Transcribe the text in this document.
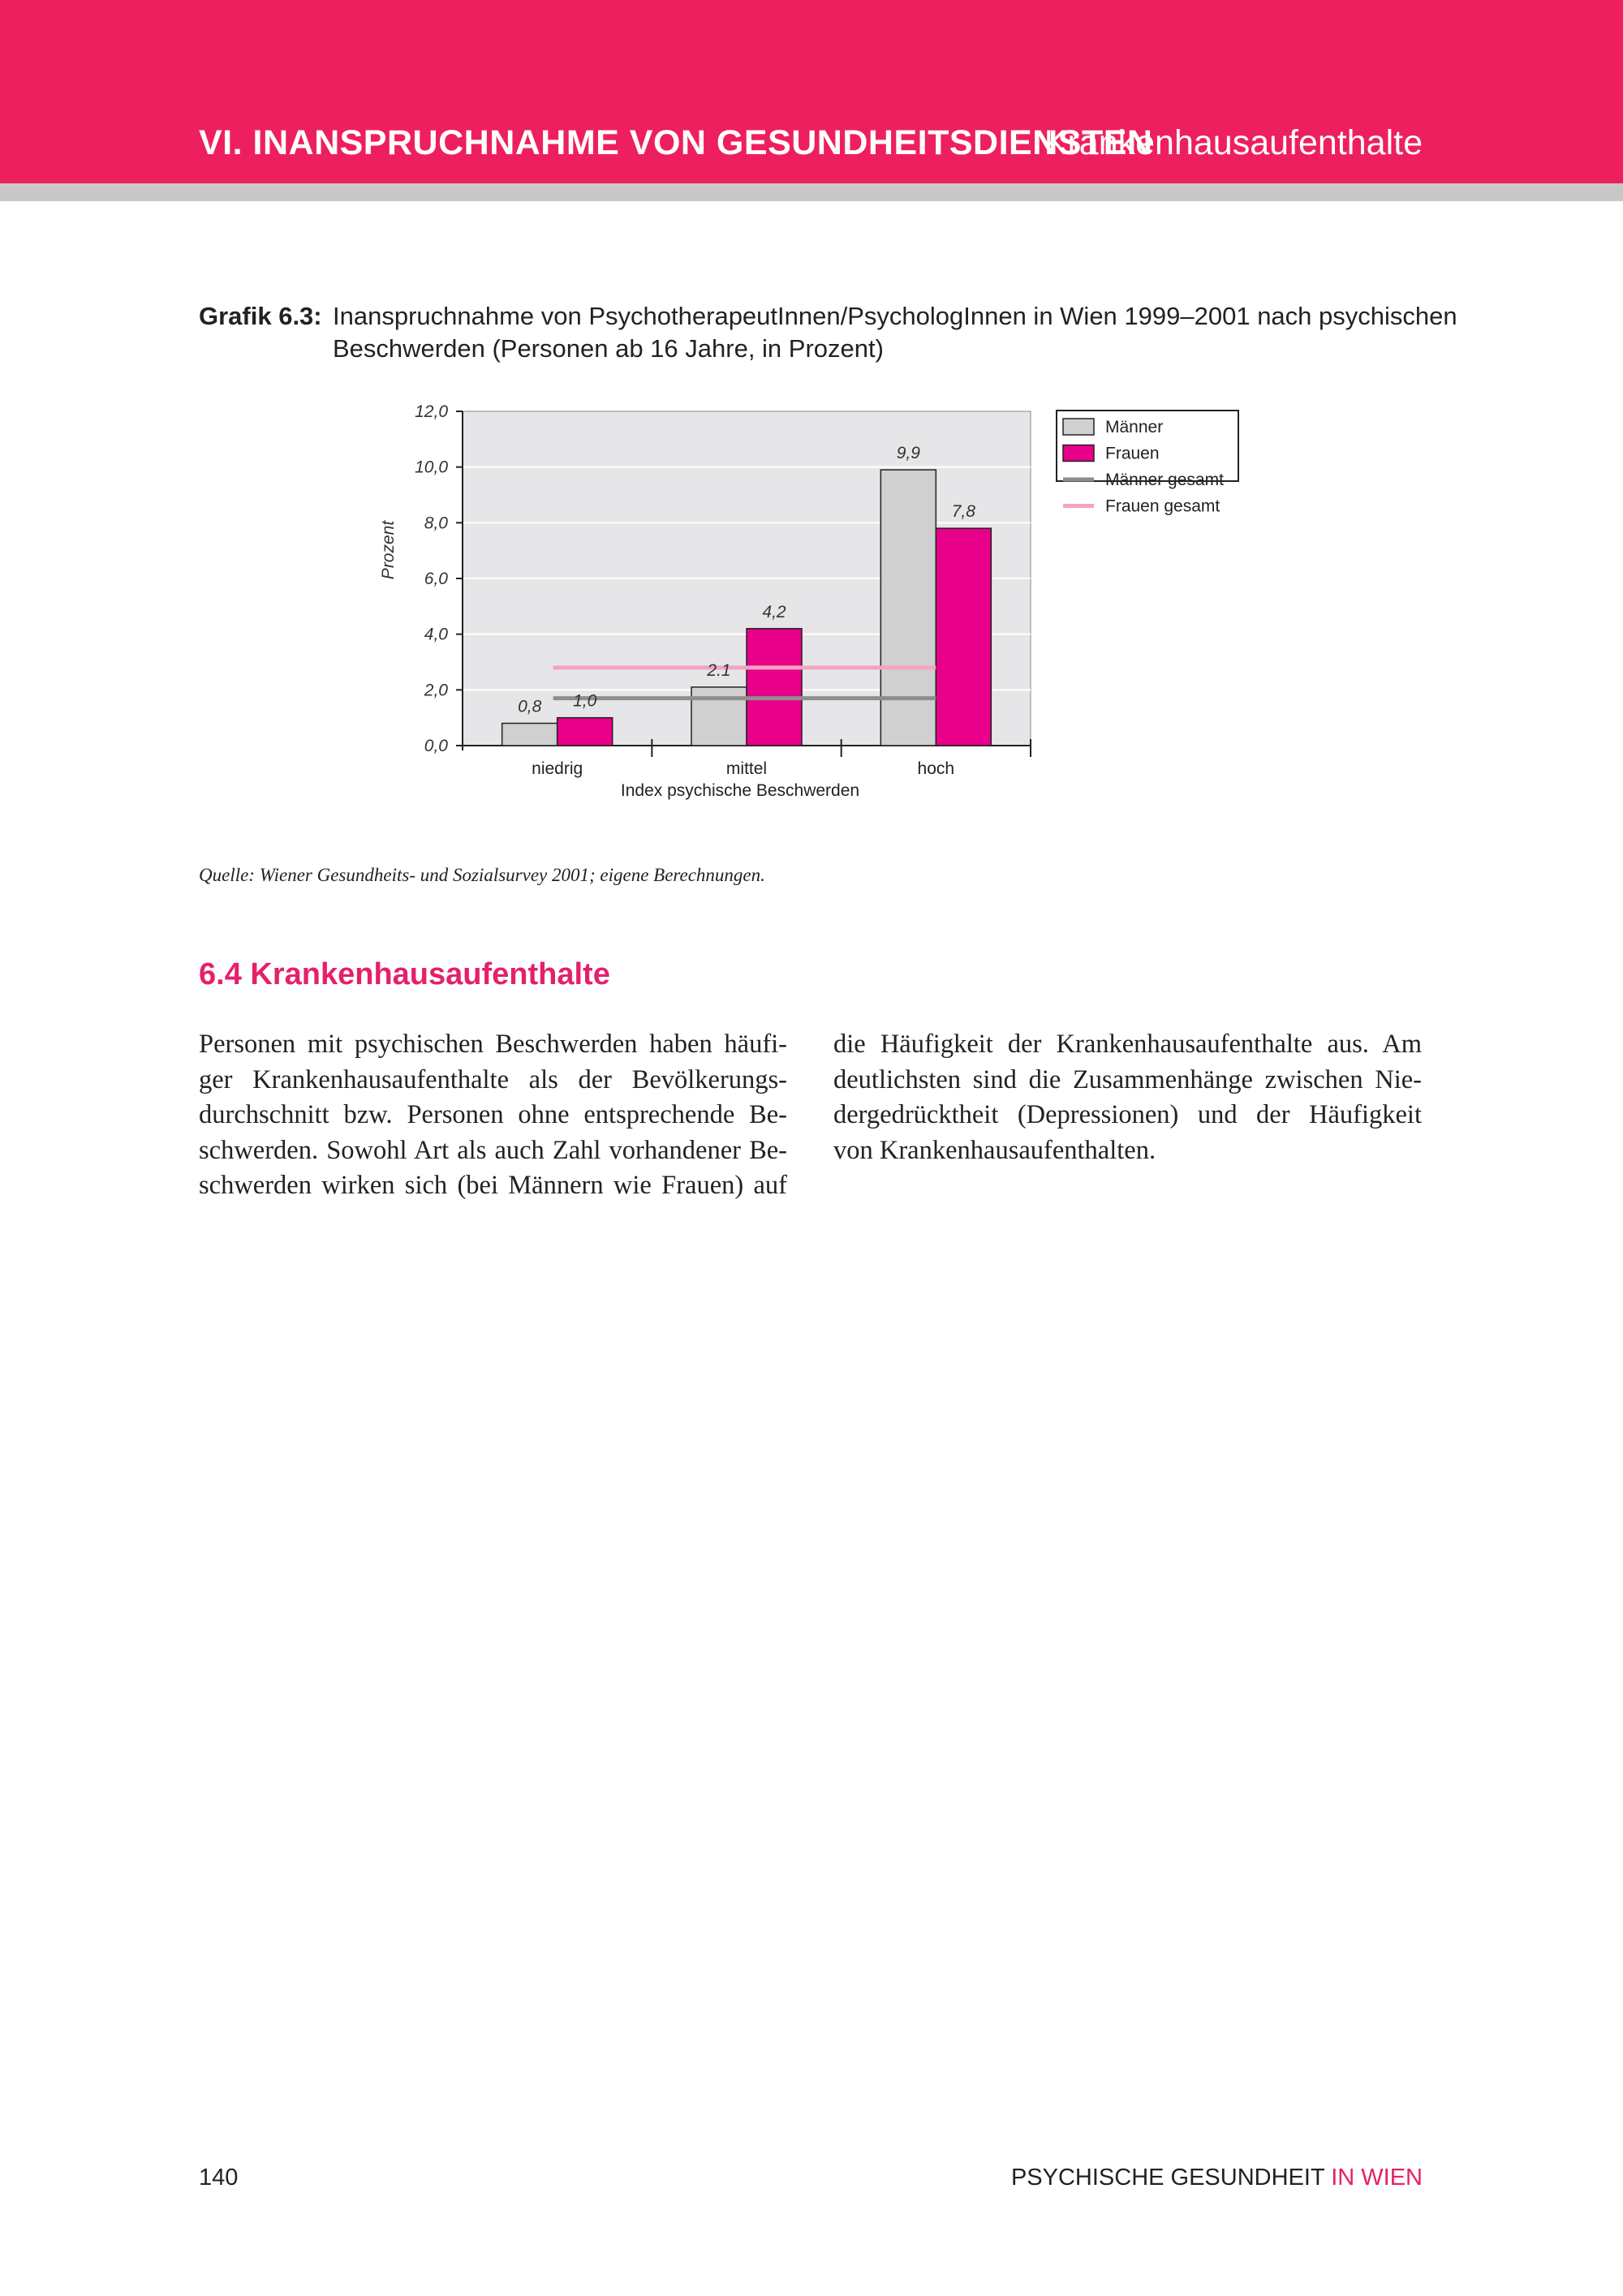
VI. INANSPRUCHNAHME VON GESUNDHEITSDIENSTEN
Krankenhausaufenthalte
Grafik 6.3: Inanspruchnahme von PsychotherapeutInnen/PsychologInnen in Wien 1999–2001 nach psychischen Beschwerden (Personen ab 16 Jahre, in Prozent)
0,0
2,0
4,0
6,0
8,0
10,0
12,0
Prozent
niedrig	mittel	hoch
Index psychische Beschwerden
0,8 1,0
2.1
4,2
9,9
7,8
Männer
Frauen
Männer gesamt
Frauen gesamt
Quelle: Wiener Gesundheits- und Sozialsurvey 2001; eigene Berechnungen.
6.4 Krankenhausaufenthalte
Personen mit psychischen Beschwerden haben häufi-
ger Krankenhausaufenthalte als der Bevölkerungs-
durchschnitt bzw. Personen ohne entsprechende Be-
schwerden. Sowohl Art als auch Zahl vorhandener Be-
schwerden wirken sich (bei Männern wie Frauen) auf
die Häufigkeit der Krankenhausaufenthalte aus. Am
deutlichsten sind die Zusammenhänge zwischen Nie-
dergedrücktheit (Depressionen) und der Häufigkeit
von Krankenhausaufenthalten.
140	PSYCHISCHE GESUNDHEIT IN WIEN
